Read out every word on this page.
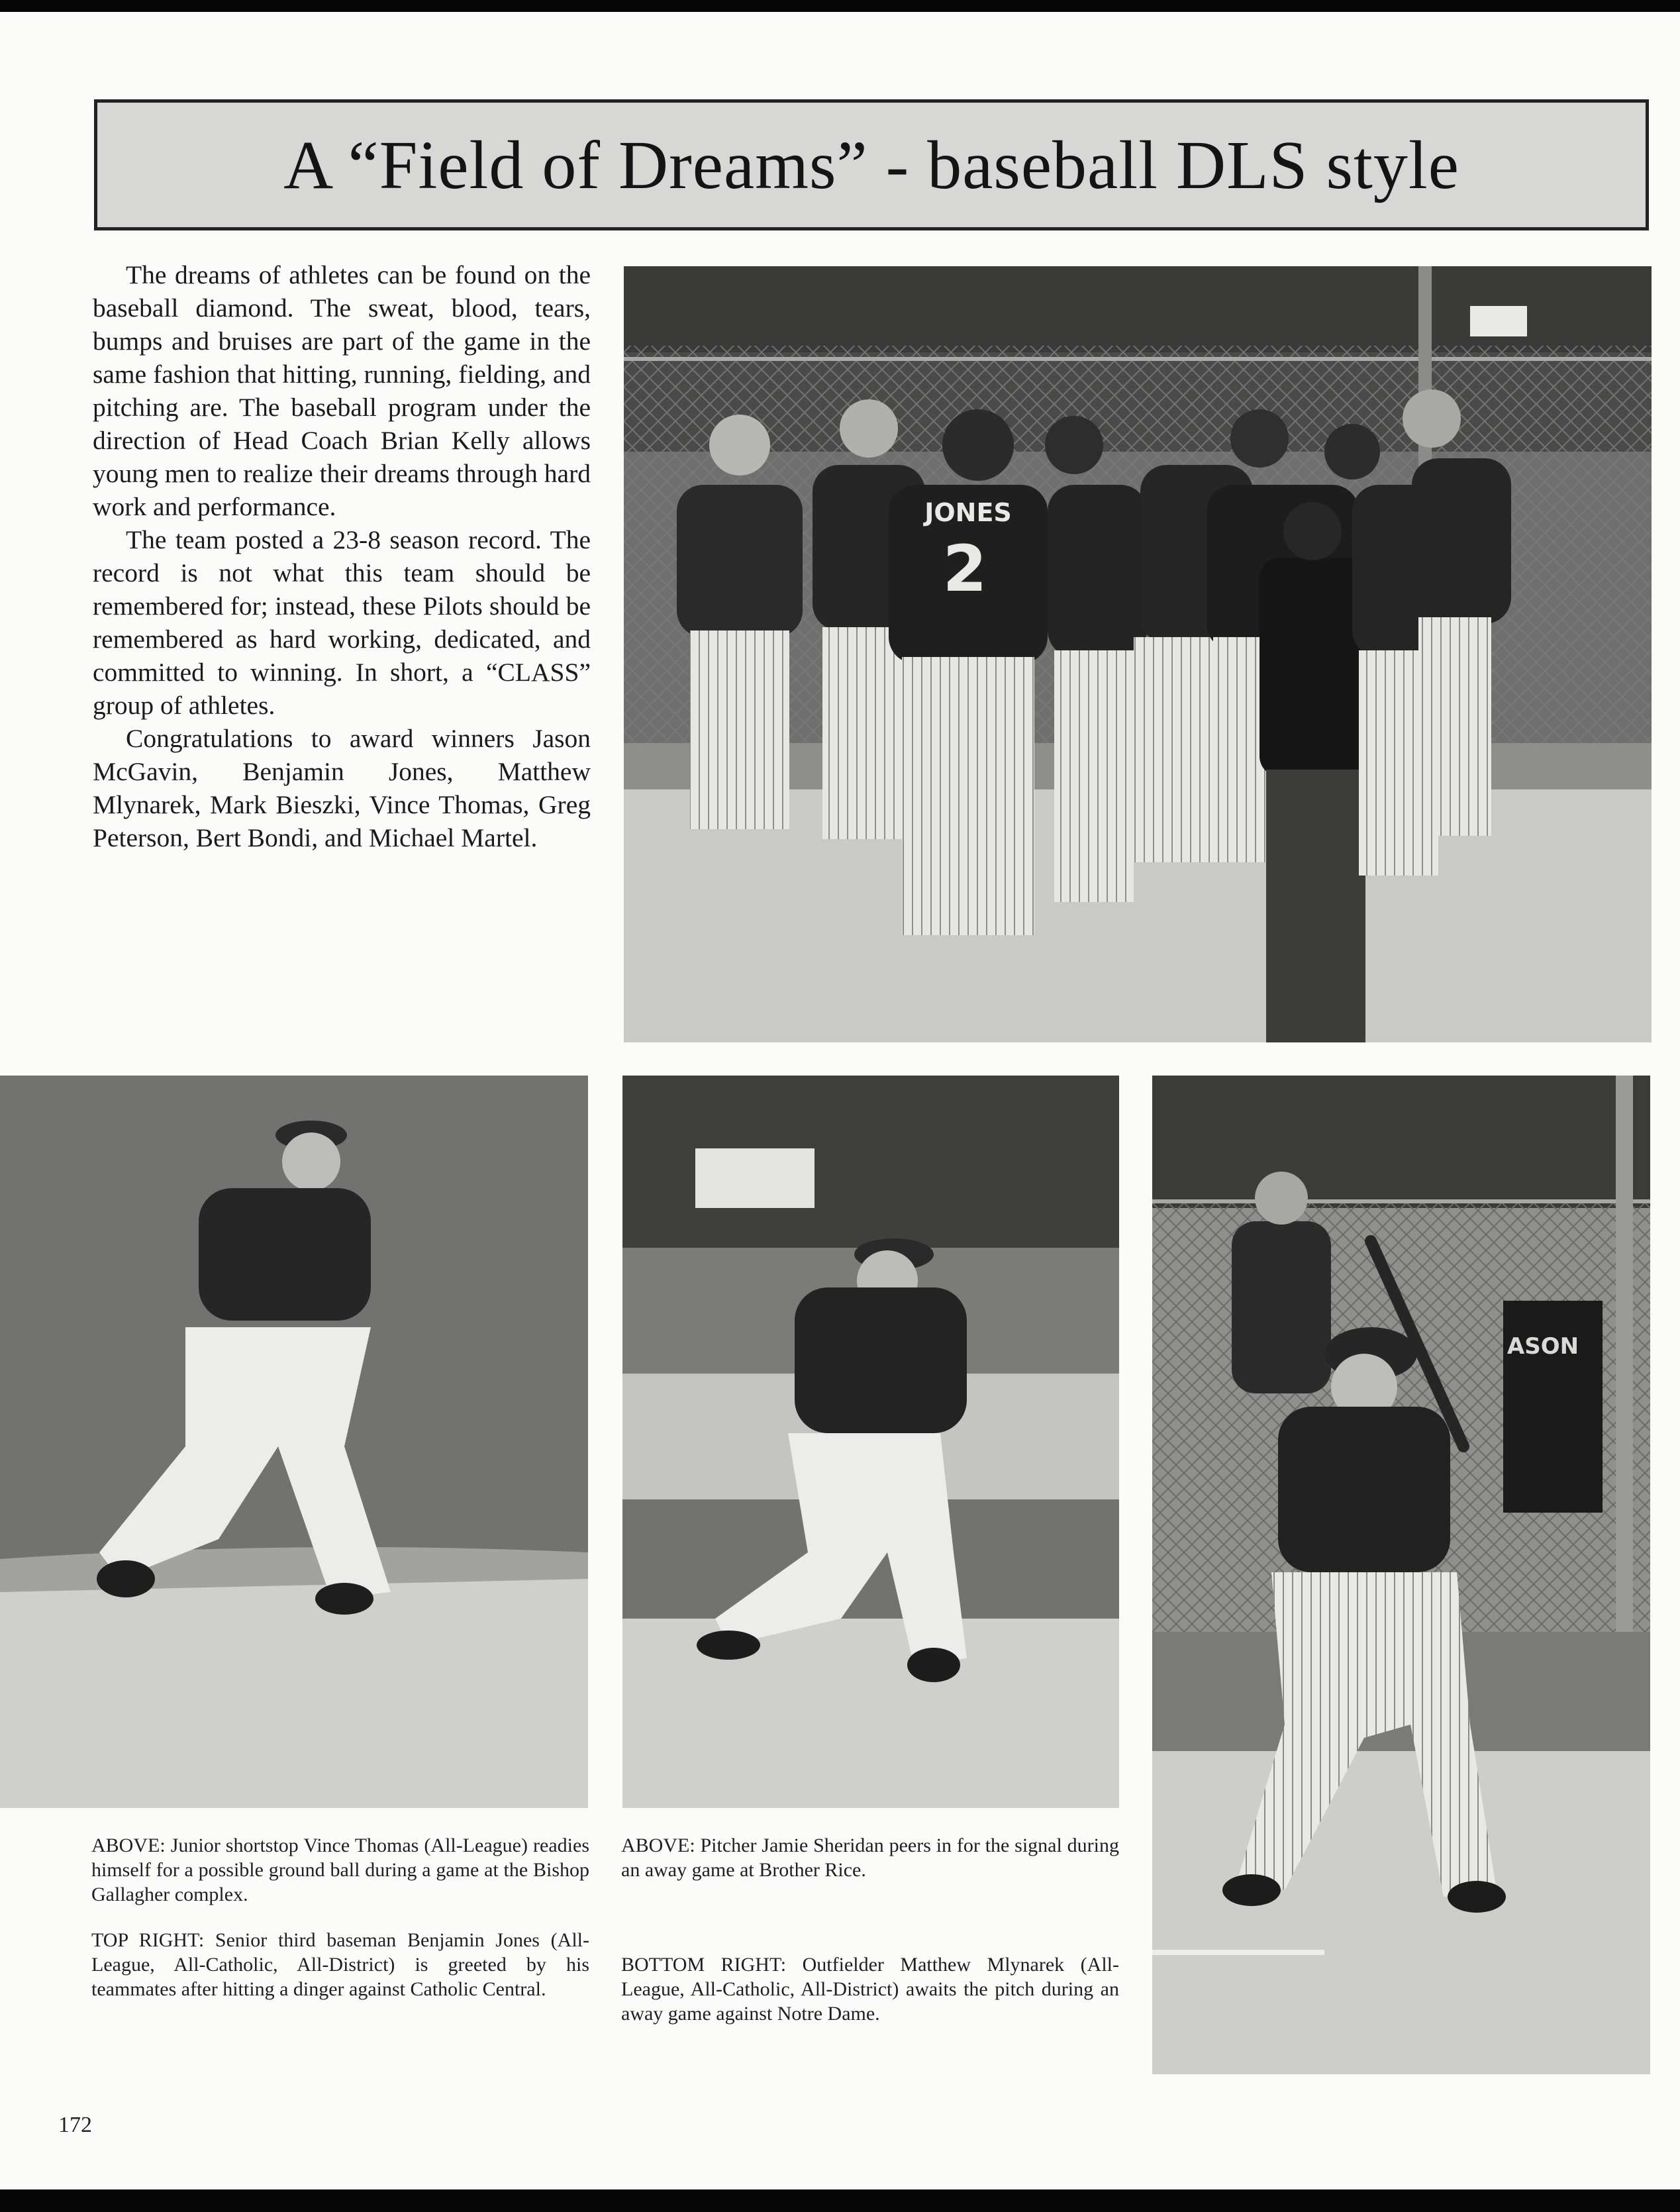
A “Field of Dreams” - baseball DLS style

The dreams of athletes can be found on the baseball diamond. The sweat, blood, tears, bumps and bruises are part of the game in the same fashion that hitting, running, fielding, and pitching are. The baseball program under the direction of Head Coach Brian Kelly allows young men to realize their dreams through hard work and performance.

The team posted a 23-8 season record. The record is not what this team should be remembered for; instead, these Pilots should be remembered as hard working, dedicated, and committed to winning. In short, a “CLASS” group of athletes.

Congratulations to award winners Jason McGavin, Benjamin Jones, Matthew Mlynarek, Mark Bieszki, Vince Thomas, Greg Peterson, Bert Bondi, and Michael Martel.

2
JONES
ASON

ABOVE: Junior shortstop Vince Thomas (All-League) readies himself for a possible ground ball during a game at the Bishop Gallagher complex.

TOP RIGHT: Senior third baseman Benjamin Jones (All-League, All-Catholic, All-District) is greeted by his teammates after hitting a dinger against Catholic Central.

ABOVE: Pitcher Jamie Sheridan peers in for the signal during an away game at Brother Rice.

BOTTOM RIGHT: Outfielder Matthew Mlynarek (All-League, All-Catholic, All-District) awaits the pitch during an away game against Notre Dame.

172
